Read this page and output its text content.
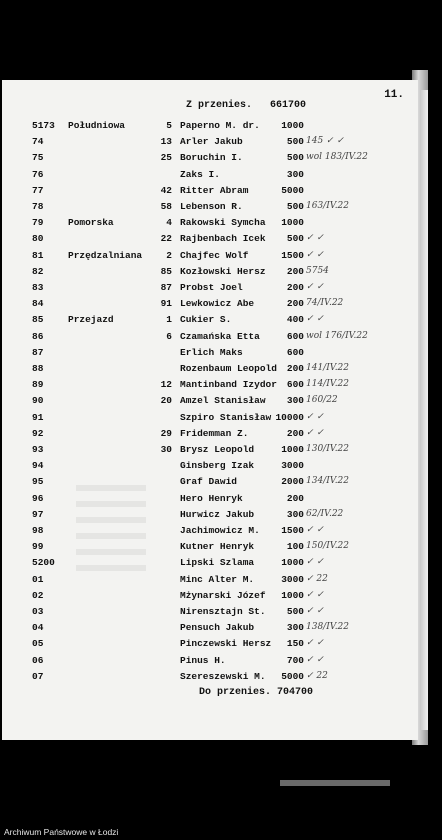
11.
Z przenies.   661700
5173 Południowa	5 Paperno M. dr.	1000
74	13 Arler Jakub	500 145 ✓ ✓
75	25 Boruchin I.	500 wol 183/IV.22
76	Zaks I.	300
77	42 Ritter Abram	5000
78	58 Lebenson R.	500 163/IV.22
79	Pomorska	4 Rakowski Symcha	1000
80	22 Rajbenbach Icek	500 ✓ ✓
81	Przędzalniana	2 Chajfec Wolf	1500 ✓ ✓
82	85 Kozłowski Hersz	200 5754
83	87 Probst Joel	200 ✓ ✓
84	91 Lewkowicz Abe	200 74/IV.22
85	Przejazd	1 Cukier S.	400 ✓ ✓
86	6 Czamańska Etta	600 wol 176/IV.22
87	Erlich Maks	600
88	Rozenbaum Leopold	200 141/IV.22
89	12 Mantinband Izydor	600 114/IV.22
90	20 Amzel Stanisław	300 160/22
91	Szpiro Stanisław 10000 ✓ ✓
92	29 Fridemman Z.	200 ✓ ✓
93	30 Brysz Leopold	1000 130/IV.22
94	Ginsberg Izak	3000
95	Graf Dawid	2000 134/IV.22
96	Hero Henryk	200
97	Hurwicz Jakub	300 62/IV.22
98	Jachimowicz M.	1500 ✓ ✓
99	Kutner Henryk	100 150/IV.22
5200	Lipski Szlama	1000 ✓ ✓
01	Minc Alter M.	3000 ✓ 22
02	Mżynarski Józef	1000 ✓ ✓
03	Nirensztajn St.	500 ✓ ✓
04	Pensuch Jakub	300 138/IV.22
05	Pinczewski Hersz	150 ✓ ✓
06	Pinus H.	700 ✓ ✓
07	Szereszewski M.	5000 ✓ 22
Do przenies. 704700
Archiwum Państwowe w Łodzi
